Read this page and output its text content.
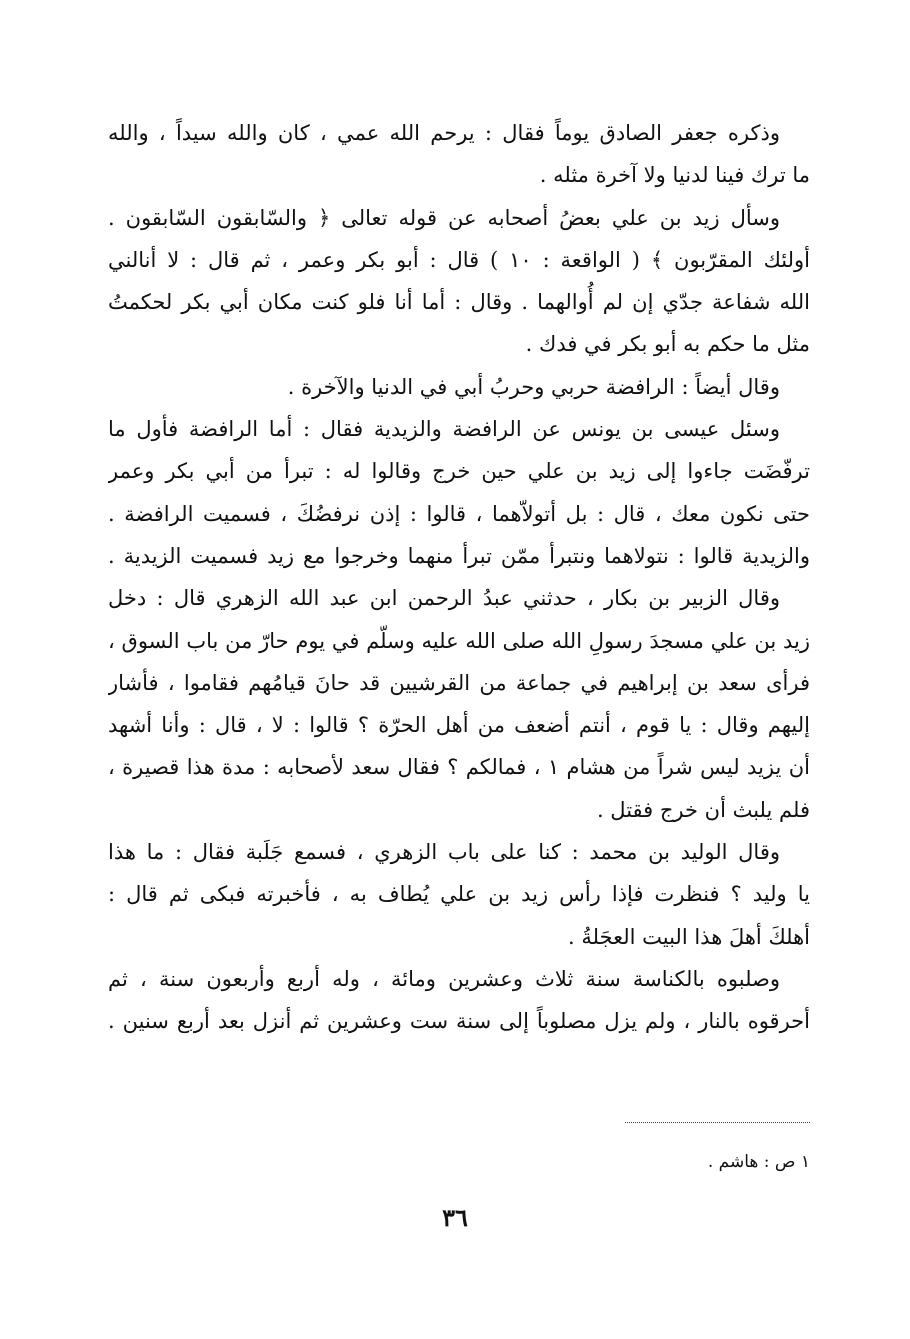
وذكره جعفر الصادق يوماً فقال : يرحم الله عمي ، كان والله سيداً ، والله
ما ترك فينا لدنيا ولا آخرة مثله .
وسأل زيد بن علي بعضُ أصحابه عن قوله تعالى ﴿ والسّابقون السّابقون .
أولئك المقرّبون ﴾ ( الواقعة : ١٠ ) قال : أبو بكر وعمر ، ثم قال : لا أنالني
الله شفاعة جدّي إن لم أُوالهما . وقال : أما أنا فلو كنت مكان أبي بكر لحكمتُ
مثل ما حكم به أبو بكر في فدك .
وقال أيضاً : الرافضة حربي وحربُ أبي في الدنيا والآخرة .
وسئل عيسى بن يونس عن الرافضة والزيدية فقال : أما الرافضة فأول ما
ترفّضَت جاءوا إلى زيد بن علي حين خرج وقالوا له : تبرأ من أبي بكر وعمر
حتى نكون معك ، قال : بل أتولاّهما ، قالوا : إذن نرفضُكَ ، فسميت الرافضة .
والزيدية قالوا : نتولاهما ونتبرأ ممّن تبرأ منهما وخرجوا مع زيد فسميت الزيدية .
وقال الزبير بن بكار ، حدثني عبدُ الرحمن ابن عبد الله الزهري قال : دخل
زيد بن علي مسجدَ رسولِ الله صلى الله عليه وسلّم في يوم حارّ من باب السوق ،
فرأى سعد بن إبراهيم في جماعة من القرشيين قد حانَ قيامُهم فقاموا ، فأشار
إليهم وقال : يا قوم ، أنتم أضعف من أهل الحرّة ؟ قالوا : لا ، قال : وأنا أشهد
أن يزيد ليس شراً من هشام ١ ، فمالكم ؟ فقال سعد لأصحابه : مدة هذا قصيرة ،
فلم يلبث أن خرج فقتل .
وقال الوليد بن محمد : كنا على باب الزهري ، فسمع جَلَبة فقال : ما هذا
يا وليد ؟ فنظرت فإذا رأس زيد بن علي يُطاف به ، فأخبرته فبكى ثم قال :
أهلكَ أهلَ هذا البيت العجَلةُ .
وصلبوه بالكناسة سنة ثلاث وعشرين ومائة ، وله أربع وأربعون سنة ، ثم
أحرقوه بالنار ، ولم يزل مصلوباً إلى سنة ست وعشرين ثم أنزل بعد أربع سنين .
١ ص : هاشم .
٣٦
